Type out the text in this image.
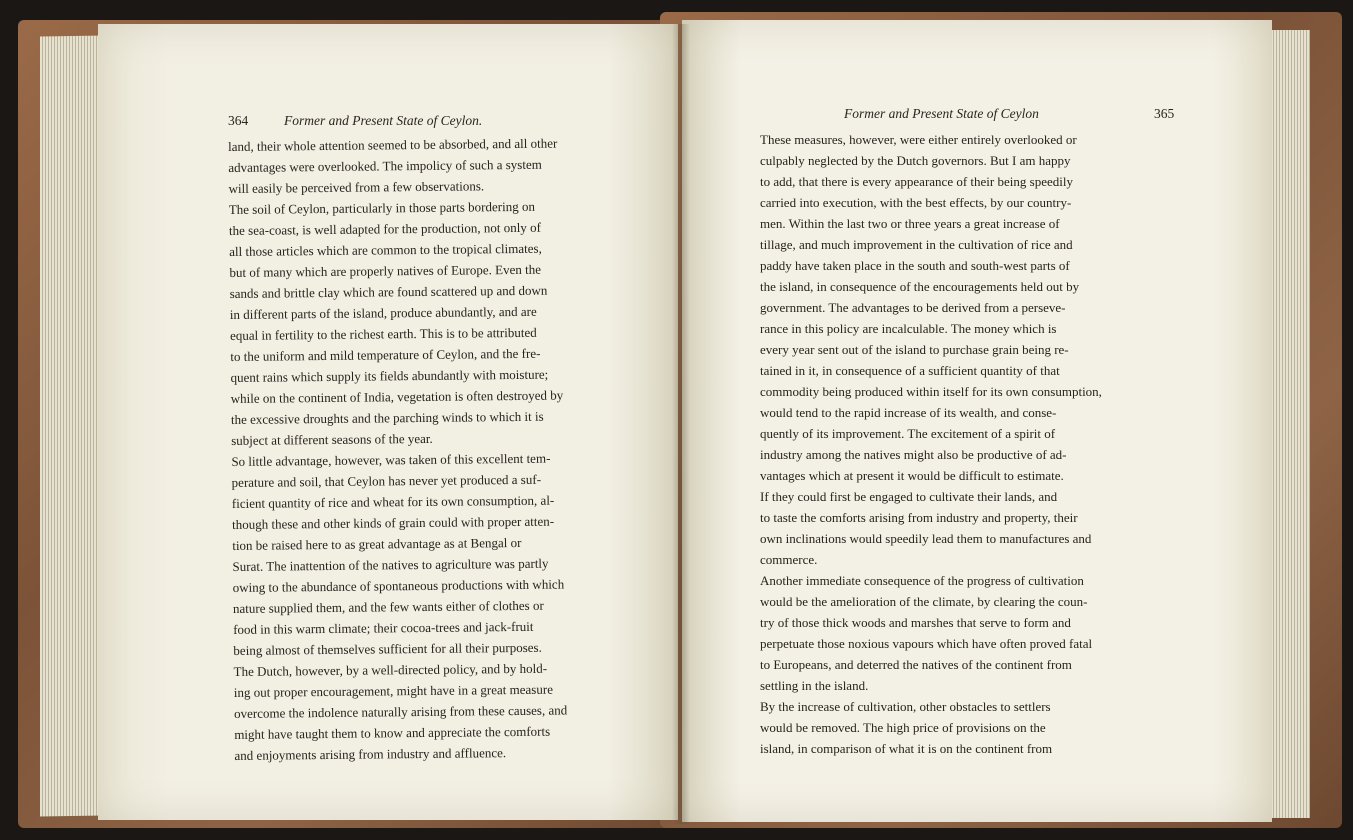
364	Former and Present State of Ceylon.	Former and Present State of Ceylon	365
land, their whole attention seemed to be absorbed, and all other
advantages were overlooked. The impolicy of such a system
will easily be perceived from a few observations.
The soil of Ceylon, particularly in those parts bordering on
the sea-coast, is well adapted for the production, not only of
all those articles which are common to the tropical climates,
but of many which are properly natives of Europe. Even the
sands and brittle clay which are found scattered up and down
in different parts of the island, produce abundantly, and are
equal in fertility to the richest earth. This is to be attributed
to the uniform and mild temperature of Ceylon, and the fre-
quent rains which supply its fields abundantly with moisture;
while on the continent of India, vegetation is often destroyed by
the excessive droughts and the parching winds to which it is
subject at different seasons of the year.
So little advantage, however, was taken of this excellent tem-
perature and soil, that Ceylon has never yet produced a suf-
ficient quantity of rice and wheat for its own consumption, al-
though these and other kinds of grain could with proper atten-
tion be raised here to as great advantage as at Bengal or
Surat. The inattention of the natives to agriculture was partly
owing to the abundance of spontaneous productions with which
nature supplied them, and the few wants either of clothes or
food in this warm climate; their cocoa-trees and jack-fruit
being almost of themselves sufficient for all their purposes.
The Dutch, however, by a well-directed policy, and by hold-
ing out proper encouragement, might have in a great measure
overcome the indolence naturally arising from these causes, and
might have taught them to know and appreciate the comforts
and enjoyments arising from industry and affluence.
These measures, however, were either entirely overlooked or
culpably neglected by the Dutch governors. But I am happy
to add, that there is every appearance of their being speedily
carried into execution, with the best effects, by our country-
men. Within the last two or three years a great increase of
tillage, and much improvement in the cultivation of rice and
paddy have taken place in the south and south-west parts of
the island, in consequence of the encouragements held out by
government. The advantages to be derived from a perseve-
rance in this policy are incalculable. The money which is
every year sent out of the island to purchase grain being re-
tained in it, in consequence of a sufficient quantity of that
commodity being produced within itself for its own consumption,
would tend to the rapid increase of its wealth, and conse-
quently of its improvement. The excitement of a spirit of
industry among the natives might also be productive of ad-
vantages which at present it would be difficult to estimate.
If they could first be engaged to cultivate their lands, and
to taste the comforts arising from industry and property, their
own inclinations would speedily lead them to manufactures and
commerce.
Another immediate consequence of the progress of cultivation
would be the amelioration of the climate, by clearing the coun-
try of those thick woods and marshes that serve to form and
perpetuate those noxious vapours which have often proved fatal
to Europeans, and deterred the natives of the continent from
settling in the island.
By the increase of cultivation, other obstacles to settlers
would be removed. The high price of provisions on the
island, in comparison of what it is on the continent from
